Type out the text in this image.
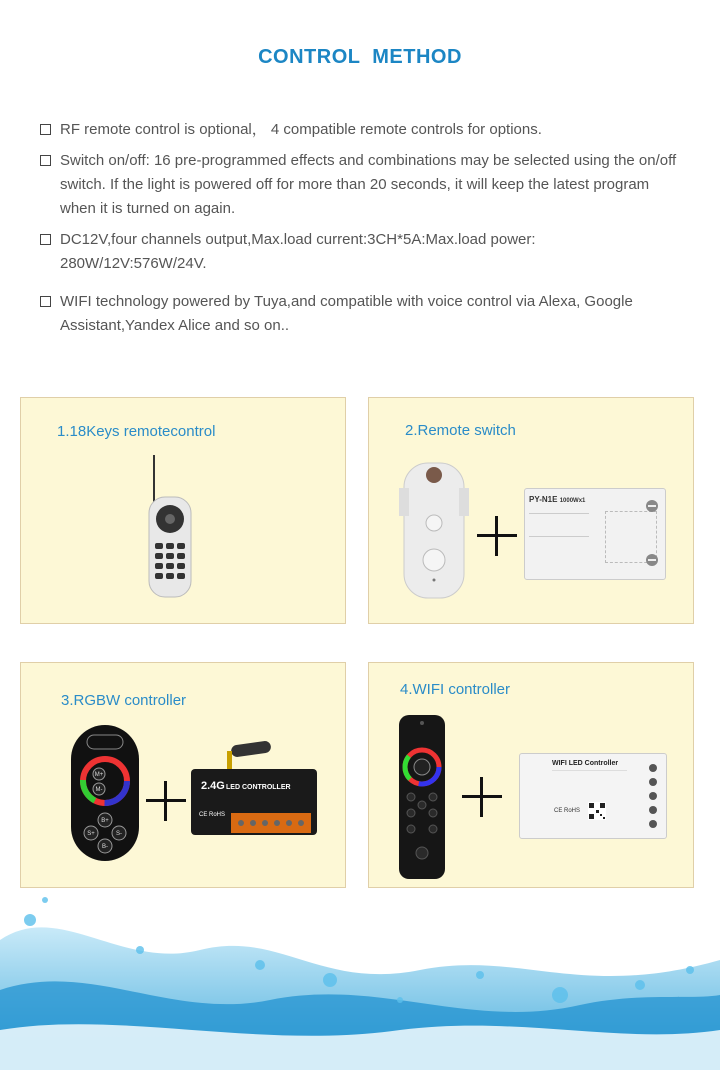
CONTROL  METHOD
RF remote control is optional， 4 compatible remote controls for options.
Switch on/off: 16 pre-programmed effects and combinations may be selected using the on/off switch. If the light is powered off for more than 20 seconds, it will keep the latest program when it is turned on again.
DC12V,four channels output,Max.load current:3CH*5A:Max.load power: 280W/12V:576W/24V.
WIFI technology powered by Tuya,and compatible with voice control via Alexa, Google Assistant,Yandex Alice and so on..
1.18Keys remotecontrol	2.Remote switch
PY-N1E 1000Wx1
3.RGBW controller
M+
M-
B+
S+	S-
B-
2.4G LED CONTROLLER
CE RoHS
4.WIFI controller
WIFI LED Controller
CE RoHS
